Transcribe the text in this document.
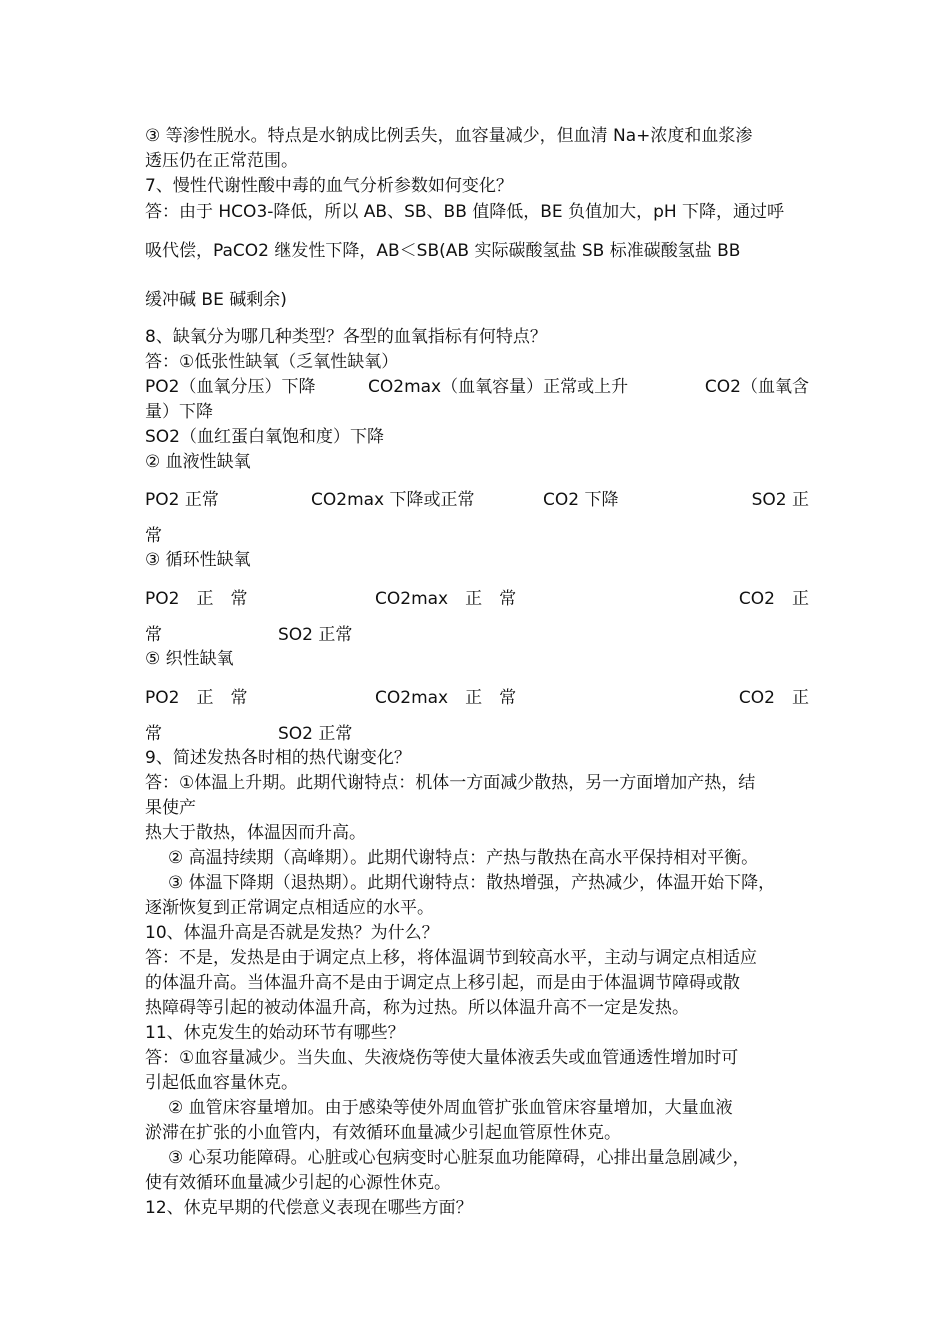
③ 等渗性脱水。特点是水钠成比例丢失，血容量减少，但血清 Na+浓度和血浆渗

透压仍在正常范围。

7、慢性代谢性酸中毒的血气分析参数如何变化？

答：由于 HCO3-降低，所以 AB、SB、BB 值降低，BE 负值加大，pH 下降，通过呼

吸代偿，PaCO2 继发性下降，AB＜SB(AB 实际碳酸氢盐 SB 标准碳酸氢盐 BB

缓冲碱 BE 碱剩余)

8、缺氧分为哪几种类型？各型的血氧指标有何特点？

答：①低张性缺氧（乏氧性缺氧）

PO2（血氧分压）下降	CO2max（血氧容量）正常或上升	CO2（血氧含

量）下降

SO2（血红蛋白氧饱和度）下降

② 血液性缺氧

PO2 正常	CO2max 下降或正常	CO2 下降	SO2 正

常

③ 循环性缺氧

PO2　正　常	CO2max　正　常	CO2　正
常	SO2 正常

⑤ 织性缺氧

PO2　正　常	CO2max　正　常	CO2　正
常	SO2 正常

9、简述发热各时相的热代谢变化？

答：①体温上升期。此期代谢特点：机体一方面减少散热，另一方面增加产热，结

果使产

热大于散热，体温因而升高。

② 高温持续期（高峰期）。此期代谢特点：产热与散热在高水平保持相对平衡。

③ 体温下降期（退热期）。此期代谢特点：散热增强，产热减少，体温开始下降，

逐渐恢复到正常调定点相适应的水平。

10、体温升高是否就是发热？为什么？

答：不是，发热是由于调定点上移，将体温调节到较高水平，主动与调定点相适应

的体温升高。当体温升高不是由于调定点上移引起，而是由于体温调节障碍或散

热障碍等引起的被动体温升高，称为过热。所以体温升高不一定是发热。

11、休克发生的始动环节有哪些？

答：①血容量减少。当失血、失液烧伤等使大量体液丢失或血管通透性增加时可

引起低血容量休克。

② 血管床容量增加。由于感染等使外周血管扩张血管床容量增加，大量血液

淤滞在扩张的小血管内，有效循环血量减少引起血管原性休克。

③ 心泵功能障碍。心脏或心包病变时心脏泵血功能障碍，心排出量急剧减少，

使有效循环血量减少引起的心源性休克。

12、休克早期的代偿意义表现在哪些方面？
